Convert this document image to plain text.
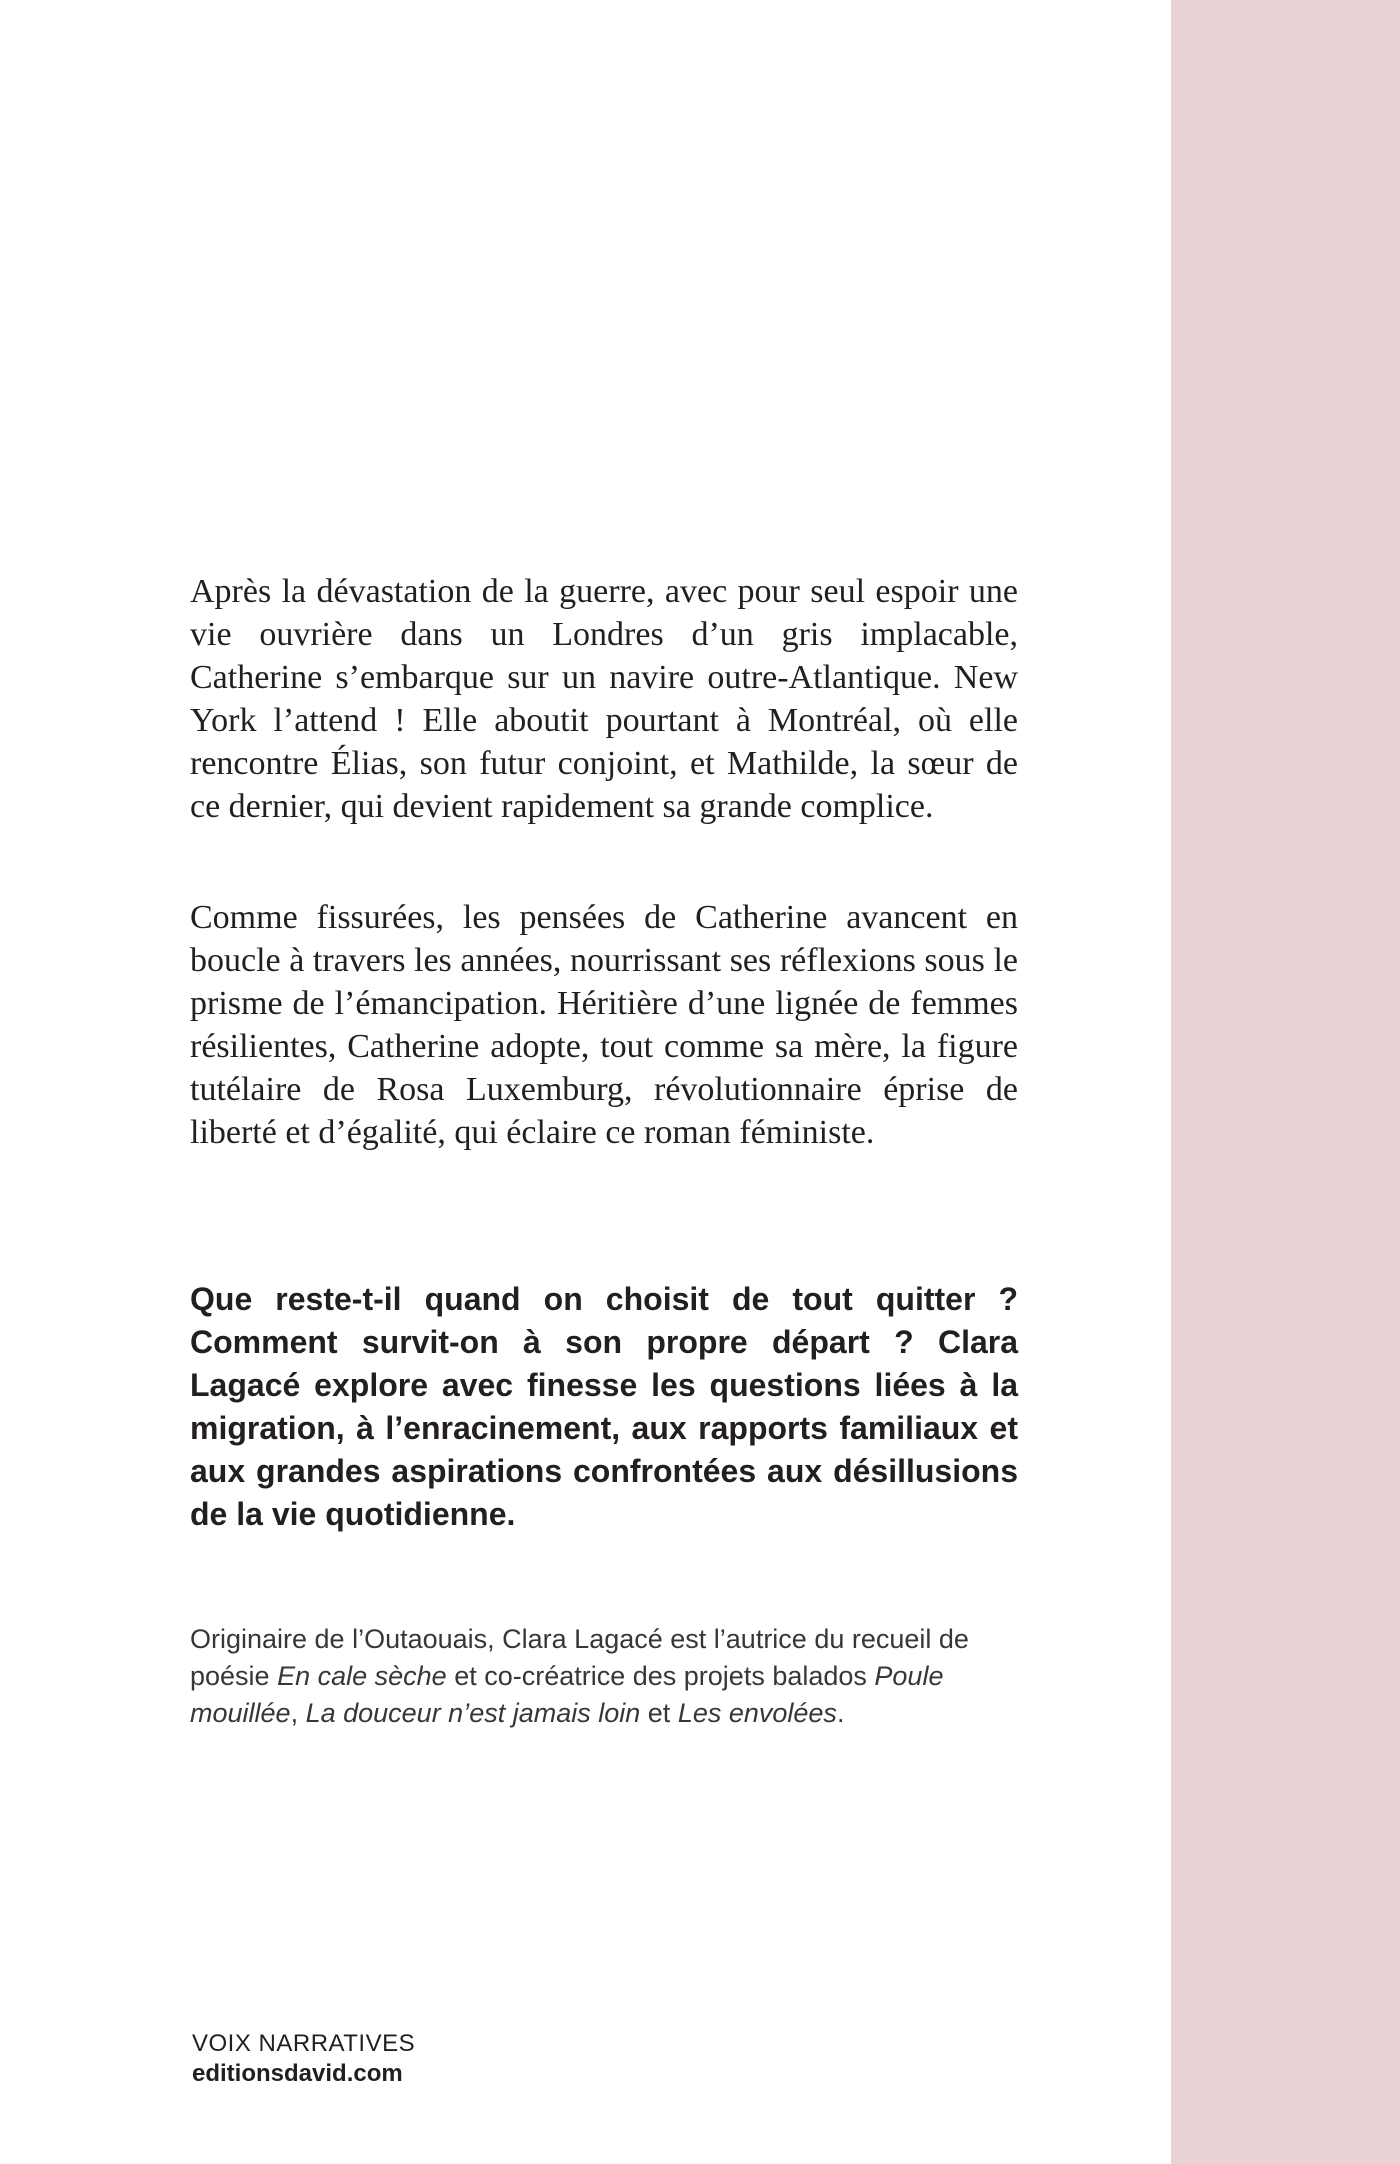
Après la dévastation de la guerre, avec pour seul espoir une vie ouvrière dans un Londres d’un gris implacable, Catherine s’embarque sur un navire outre-Atlantique. New York l’attend ! Elle aboutit pourtant à Montréal, où elle rencontre Élias, son futur conjoint, et Mathilde, la sœur de ce dernier, qui devient rapidement sa grande complice.

Comme fissurées, les pensées de Catherine avancent en boucle à travers les années, nourrissant ses réflexions sous le prisme de l’émancipation. Héritière d’une lignée de femmes résilientes, Catherine adopte, tout comme sa mère, la figure tutélaire de Rosa Luxemburg, révolutionnaire éprise de liberté et d’égalité, qui éclaire ce roman féministe.

Que reste-t-il quand on choisit de tout quitter ? Comment survit-on à son propre départ ? Clara Lagacé explore avec finesse les questions liées à la migration, à l’enracinement, aux rapports familiaux et aux grandes aspirations confrontées aux désillusions de la vie quotidienne.

Originaire de l’Outaouais, Clara Lagacé est l’autrice du recueil de poésie En cale sèche et co-créatrice des projets balados Poule mouillée, La douceur n’est jamais loin et Les envolées.

VOIX NARRATIVES
editionsdavid.com
